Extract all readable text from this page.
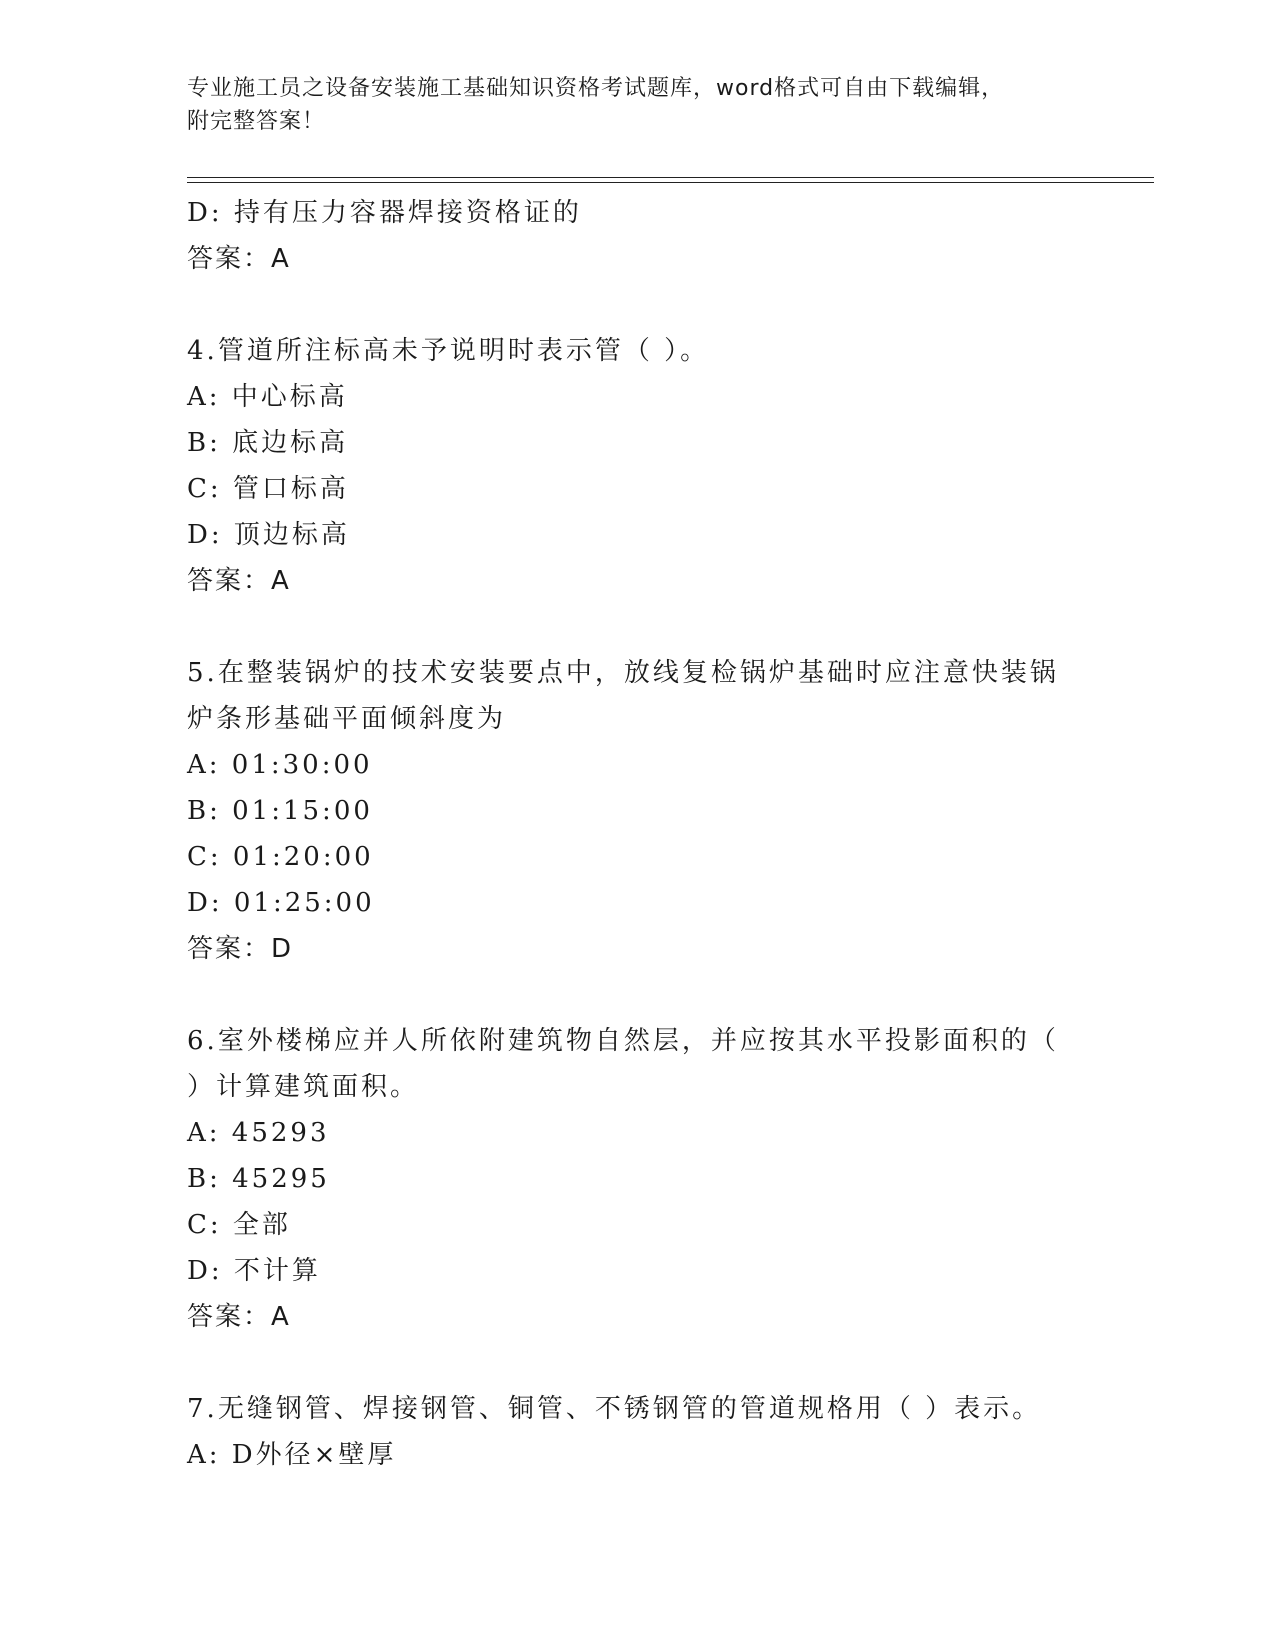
专业施工员之设备安装施工基础知识资格考试题库，word格式可自由下载编辑，
附完整答案！
D: 持有压力容器焊接资格证的
答案：A
4.管道所注标高未予说明时表示管（ ）。
A: 中心标高
B: 底边标高
C: 管口标高
D: 顶边标高
答案：A
5.在整装锅炉的技术安装要点中，放线复检锅炉基础时应注意快装锅
炉条形基础平面倾斜度为
A: 01:30:00
B: 01:15:00
C: 01:20:00
D: 01:25:00
答案：D
6.室外楼梯应并人所依附建筑物自然层，并应按其水平投影面积的（
）计算建筑面积。
A: 45293
B: 45295
C: 全部
D: 不计算
答案：A
7.无缝钢管、焊接钢管、铜管、不锈钢管的管道规格用（ ）表示。
A: D外径×壁厚
